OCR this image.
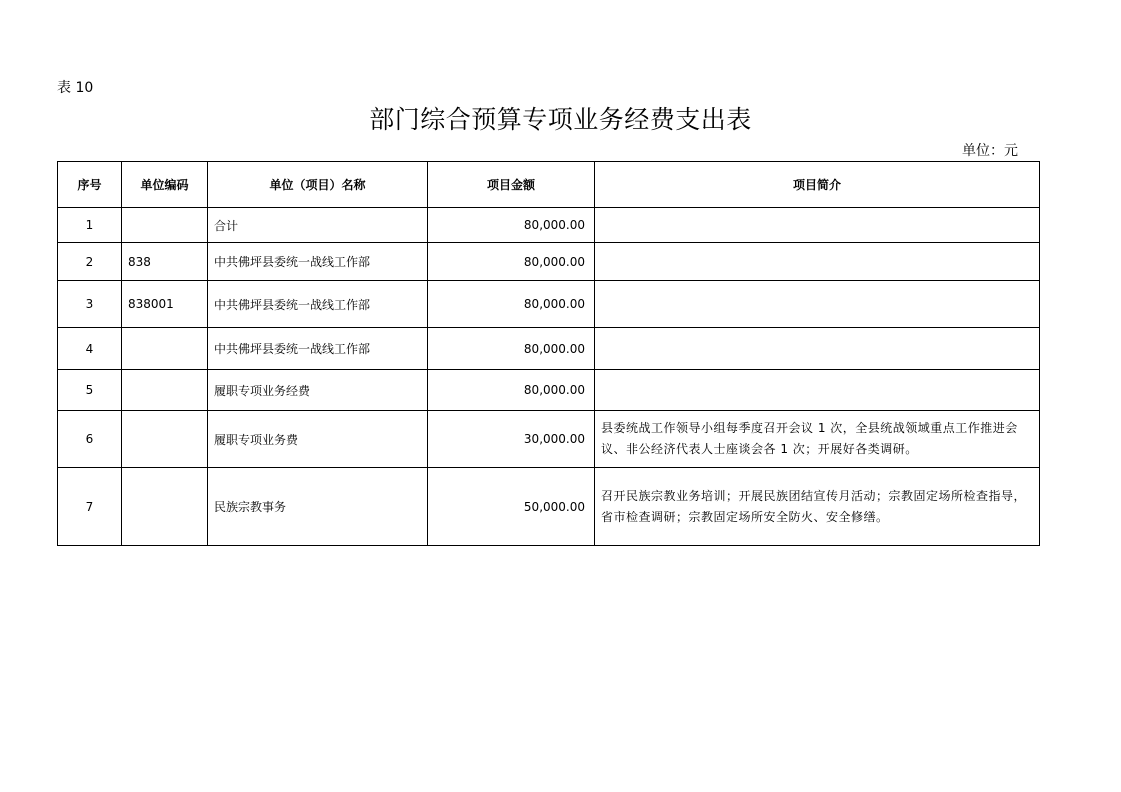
表 10
部门综合预算专项业务经费支出表
单位：元
序号	单位编码	单位（项目）名称	项目金额	项目简介
1		合计	80,000.00	
2	838	中共佛坪县委统一战线工作部	80,000.00	
3	838001	中共佛坪县委统一战线工作部	80,000.00	
4		中共佛坪县委统一战线工作部	80,000.00	
5		履职专项业务经费	80,000.00	
6		履职专项业务费	30,000.00	县委统战工作领导小组每季度召开会议 1 次，全县统战领域重点工作推进会议、非公经济代表人士座谈会各 1 次；开展好各类调研。
7		民族宗教事务	50,000.00	召开民族宗教业务培训；开展民族团结宣传月活动；宗教固定场所检查指导，省市检查调研；宗教固定场所安全防火、安全修缮。
